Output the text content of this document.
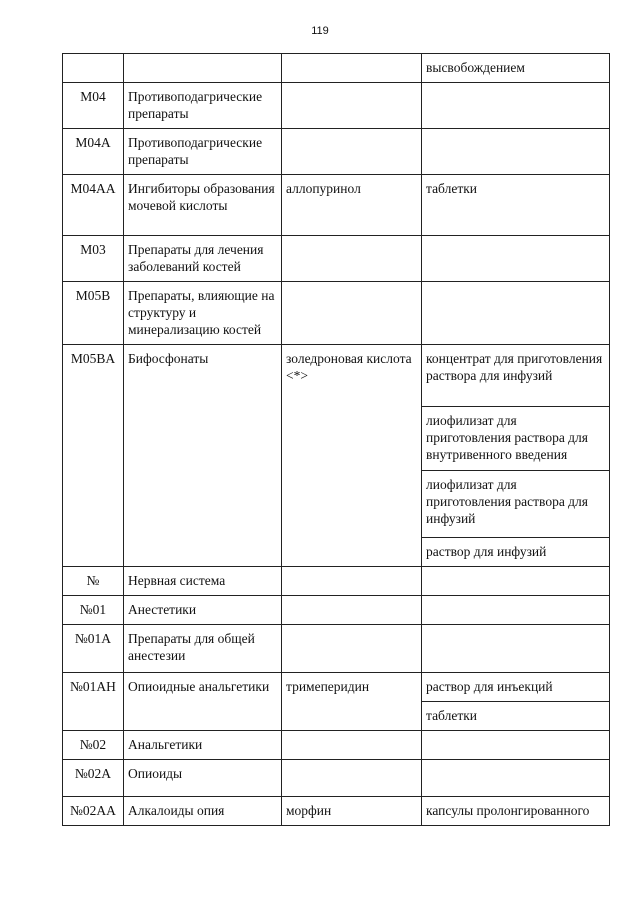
119
			высвобождением
M04	Противоподагрические препараты		
M04A	Противоподагрические препараты		
M04AA	Ингибиторы образования мочевой кислоты	аллопуринол	таблетки
M03	Препараты для лечения заболеваний костей		
M05B	Препараты, влияющие на структуру и минерализацию костей		
M05BA	Бифосфонаты	золедроновая кислота <*>	концентрат для приготовления раствора для инфузий
			лиофилизат для приготовления раствора для внутривенного введения
			лиофилизат для приготовления раствора для инфузий
			раствор для инфузий
№	Нервная система		
№01	Анестетики		
№01A	Препараты для общей анестезии		
№01AH	Опиоидные анальгетики	тримеперидин	раствор для инъекций
			таблетки
№02	Анальгетики		
№02A	Опиоиды		
№02AA	Алкалоиды опия	морфин	капсулы пролонгированного
